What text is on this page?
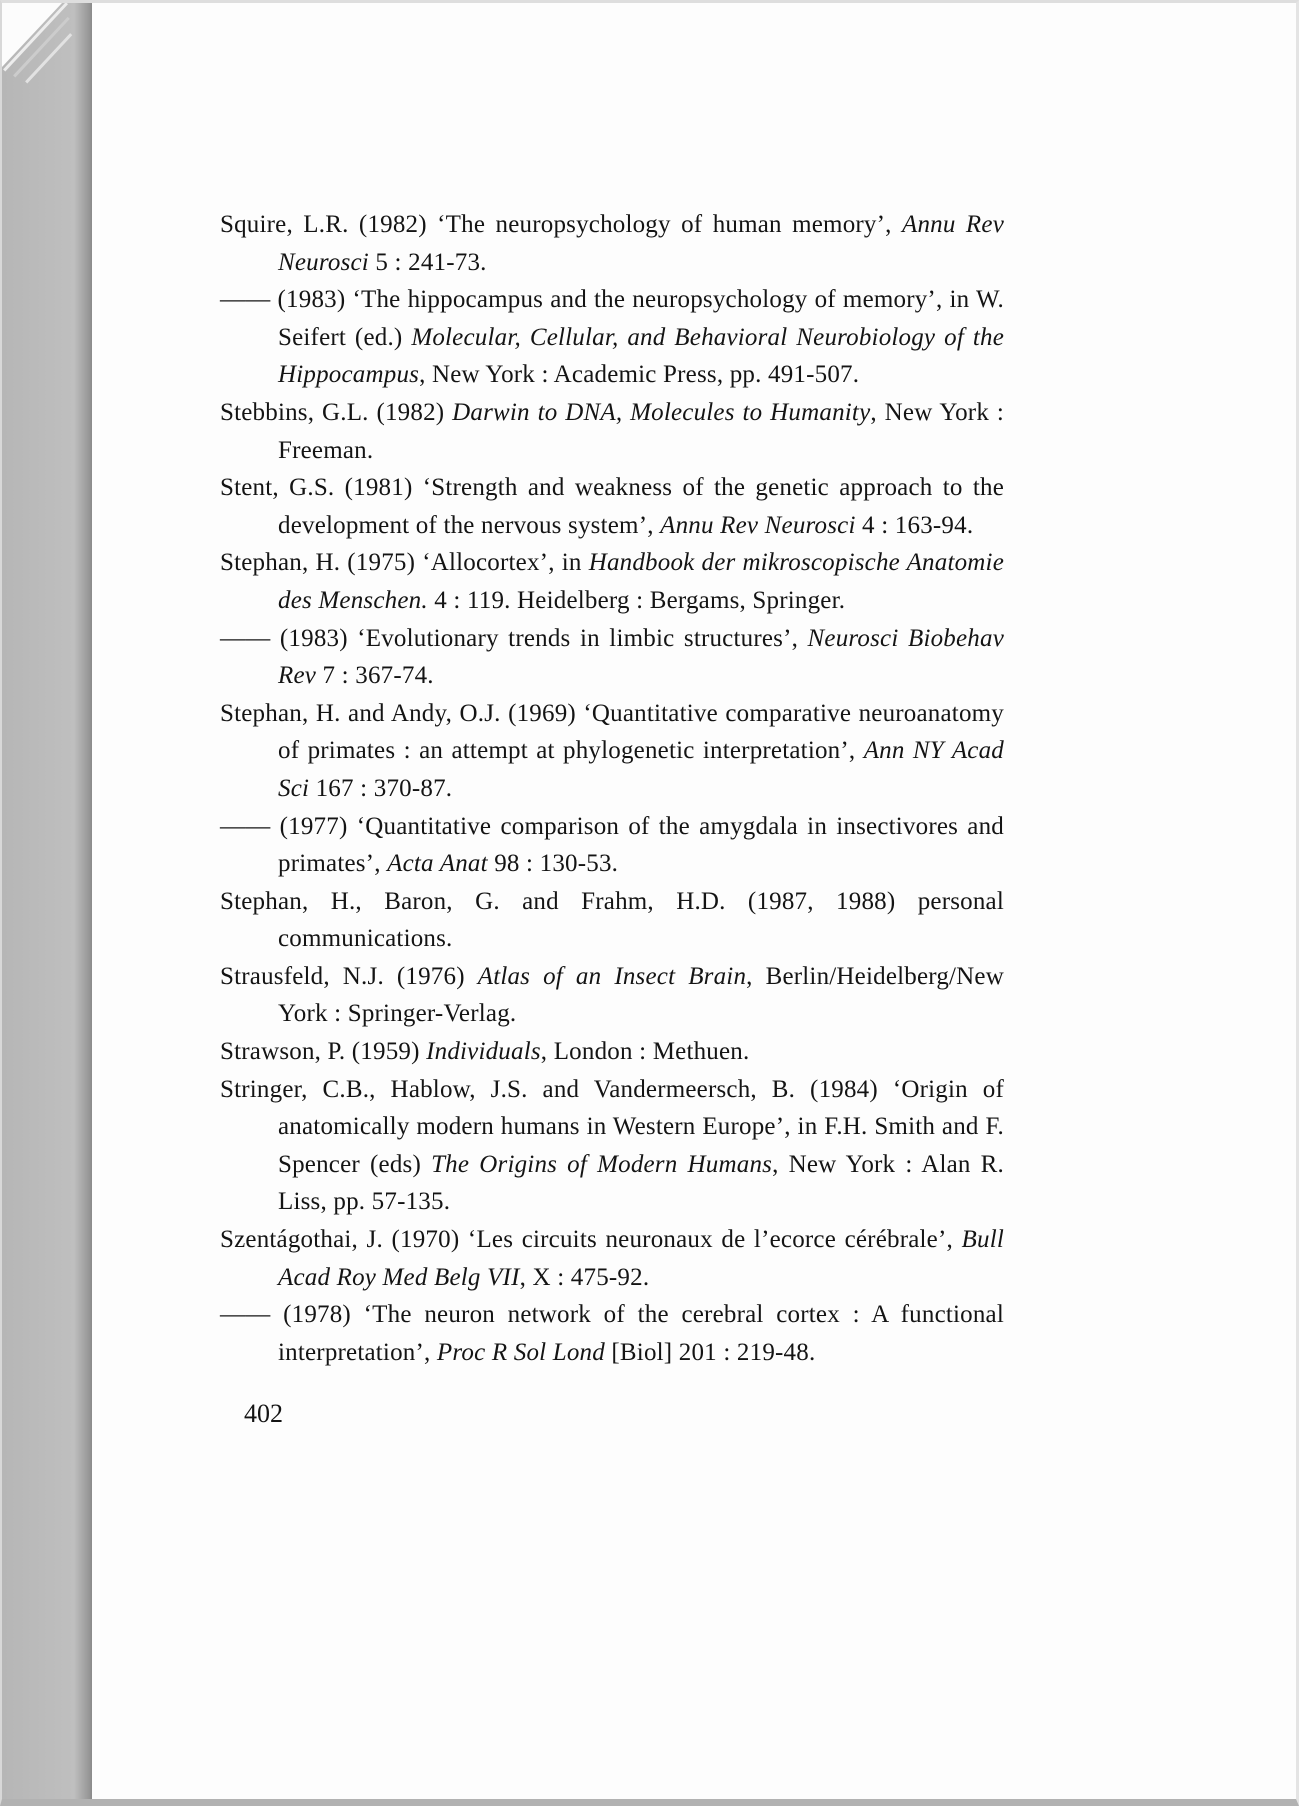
Squire, L.R. (1982) ‘The neuropsychology of human memory’, Annu Rev Neurosci 5 : 241-73.

—— (1983) ‘The hippocampus and the neuropsychology of memory’, in W. Seifert (ed.) Molecular, Cellular, and Behavioral Neurobiology of the Hippocampus, New York : Academic Press, pp. 491-507.

Stebbins, G.L. (1982) Darwin to DNA, Molecules to Humanity, New York : Freeman.

Stent, G.S. (1981) ‘Strength and weakness of the genetic approach to the development of the nervous system’, Annu Rev Neurosci 4 : 163-94.

Stephan, H. (1975) ‘Allocortex’, in Handbook der mikroscopische Anatomie des Menschen. 4 : 119. Heidelberg : Bergams, Springer.

—— (1983) ‘Evolutionary trends in limbic structures’, Neurosci Biobehav Rev 7 : 367-74.

Stephan, H. and Andy, O.J. (1969) ‘Quantitative comparative neuroanatomy of primates : an attempt at phylogenetic interpretation’, Ann NY Acad Sci 167 : 370-87.

—— (1977) ‘Quantitative comparison of the amygdala in insectivores and primates’, Acta Anat 98 : 130-53.

Stephan, H., Baron, G. and Frahm, H.D. (1987, 1988) personal communications.

Strausfeld, N.J. (1976) Atlas of an Insect Brain, Berlin/Heidelberg/New York : Springer-Verlag.

Strawson, P. (1959) Individuals, London : Methuen.

Stringer, C.B., Hablow, J.S. and Vandermeersch, B. (1984) ‘Origin of anatomically modern humans in Western Europe’, in F.H. Smith and F. Spencer (eds) The Origins of Modern Humans, New York : Alan R. Liss, pp. 57-135.

Szentágothai, J. (1970) ‘Les circuits neuronaux de l’ecorce cérébrale’, Bull Acad Roy Med Belg VII, X : 475-92.

—— (1978) ‘The neuron network of the cerebral cortex : A functional interpretation’, Proc R Sol Lond [Biol] 201 : 219-48.

402
